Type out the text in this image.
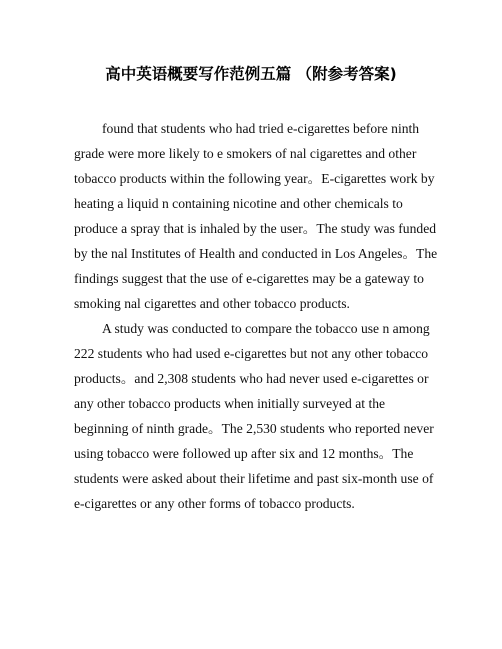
高中英语概要写作范例五篇 （附参考答案)
found that students who had tried e-cigarettes before ninth
grade were more likely to e smokers of nal cigarettes and other
tobacco products within the following year。E-cigarettes work by
heating a liquid n containing nicotine and other chemicals to
produce a spray that is inhaled by the user。The study was funded
by the nal Institutes of Health and conducted in Los Angeles。The
findings suggest that the use of e-cigarettes may be a gateway to
smoking nal cigarettes and other tobacco products.
A study was conducted to compare the tobacco use n among
222 students who had used e-cigarettes but not any other tobacco
products。and 2,308 students who had never used e-cigarettes or
any other tobacco products when initially surveyed at the
beginning of ninth grade。The 2,530 students who reported never
using tobacco were followed up after six and 12 months。The
students were asked about their lifetime and past six-month use of
e-cigarettes or any other forms of tobacco products.
